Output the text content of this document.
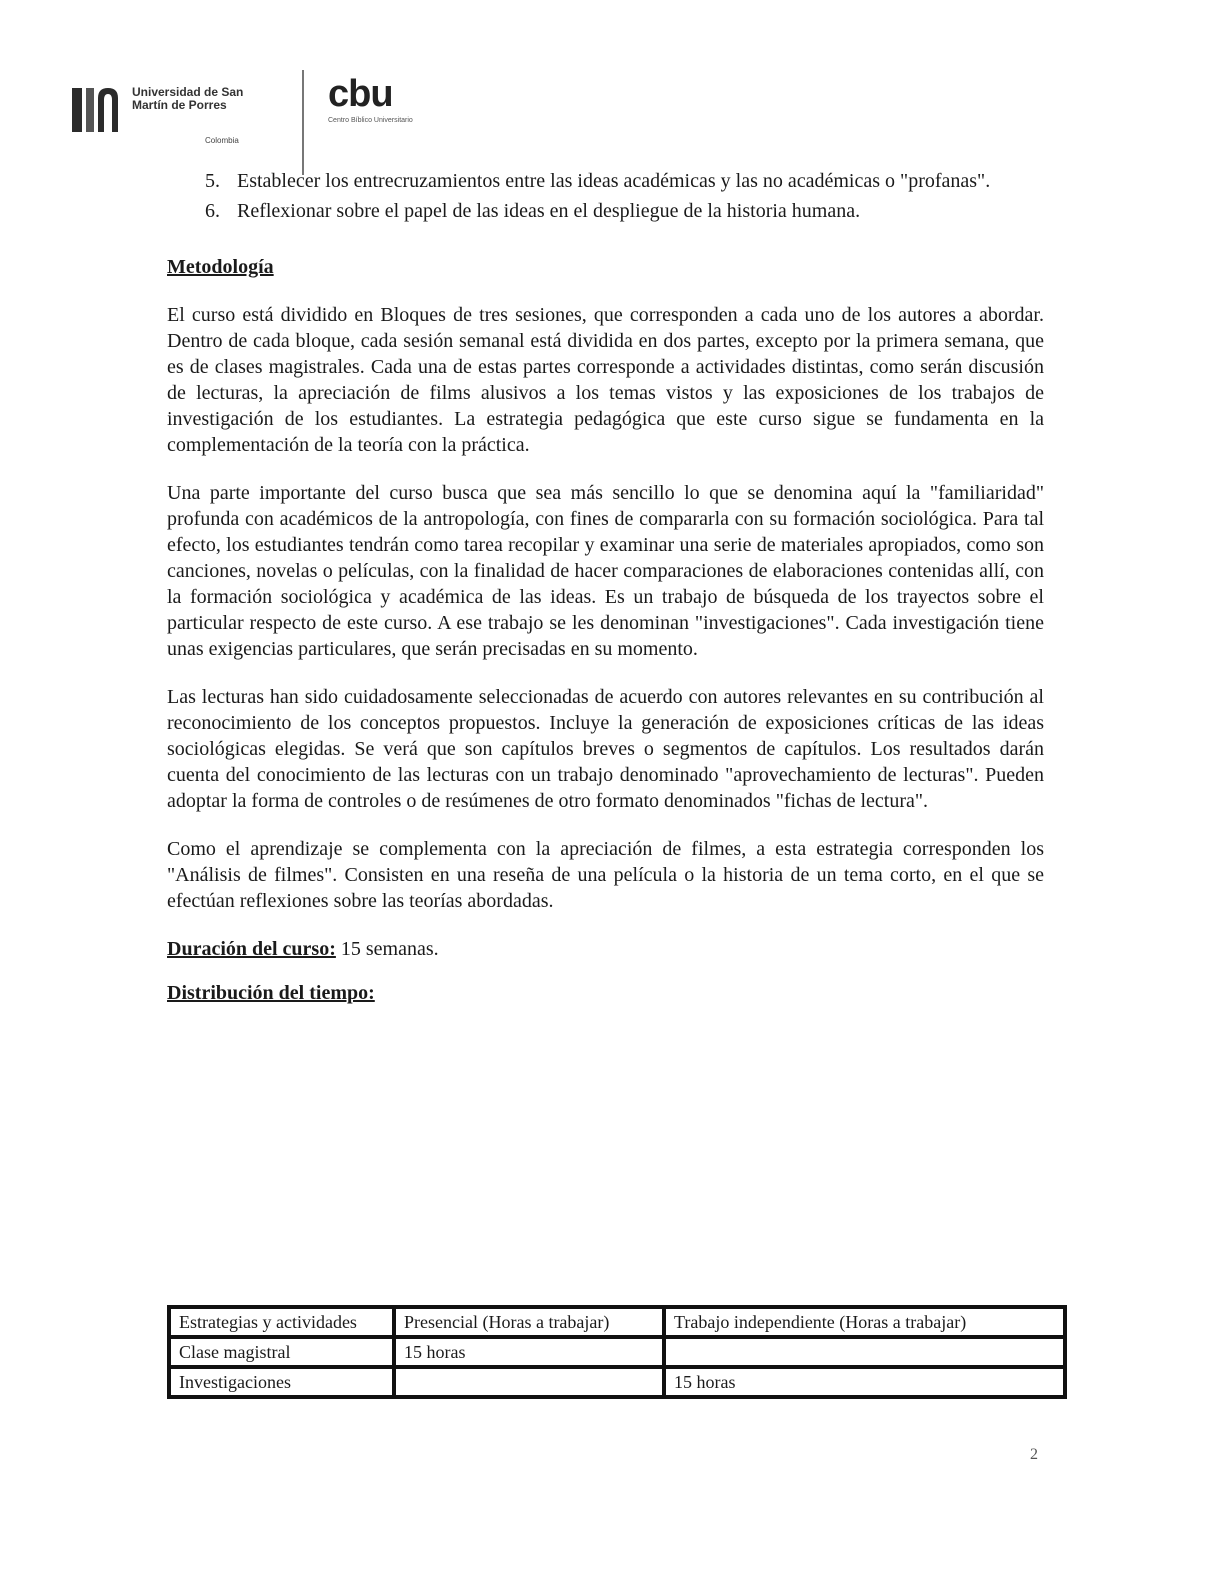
Universidad de San Martín de Porres
Colombia
cbu
Centro Bíblico Universitario
5. Establecer los entrecruzamientos entre las ideas académicas y las no académicas o "profanas".
6. Reflexionar sobre el papel de las ideas en el despliegue de la historia humana.
Metodología

El curso está dividido en Bloques de tres sesiones, que corresponden a cada uno de los autores a abordar. Dentro de cada bloque, cada sesión semanal está dividida en dos partes, excepto por la primera semana, que es de clases magistrales. Cada una de estas partes corresponde a actividades distintas, como serán discusión de lecturas, la apreciación de films alusivos a los temas vistos y las exposiciones de los trabajos de investigación de los estudiantes. La estrategia pedagógica que este curso sigue se fundamenta en la complementación de la teoría con la práctica.

Una parte importante del curso busca que sea más sencillo lo que se denomina aquí la "familiaridad" profunda con académicos de la antropología, con fines de compararla con su formación sociológica. Para tal efecto, los estudiantes tendrán como tarea recopilar y examinar una serie de materiales apropiados, como son canciones, novelas o películas, con la finalidad de hacer comparaciones de elaboraciones contenidas allí, con la formación sociológica y académica de las ideas. Es un trabajo de búsqueda de los trayectos sobre el particular respecto de este curso. A ese trabajo se les denominan "investigaciones". Cada investigación tiene unas exigencias particulares, que serán precisadas en su momento.

Las lecturas han sido cuidadosamente seleccionadas de acuerdo con autores relevantes en su contribución al reconocimiento de los conceptos propuestos. Incluye la generación de exposiciones críticas de las ideas sociológicas elegidas. Se verá que son capítulos breves o segmentos de capítulos. Los resultados darán cuenta del conocimiento de las lecturas con un trabajo denominado "aprovechamiento de lecturas". Pueden adoptar la forma de controles o de resúmenes de otro formato denominados "fichas de lectura".

Como el aprendizaje se complementa con la apreciación de filmes, a esta estrategia corresponden los "Análisis de filmes". Consisten en una reseña de una película o la historia de un tema corto, en el que se efectúan reflexiones sobre las teorías abordadas.

Duración del curso: 15 semanas.
Distribución del tiempo:
Estrategias y actividades	Presencial (Horas a trabajar)	Trabajo independiente (Horas a trabajar)
Clase magistral	15 horas	
Investigaciones		15 horas
2
